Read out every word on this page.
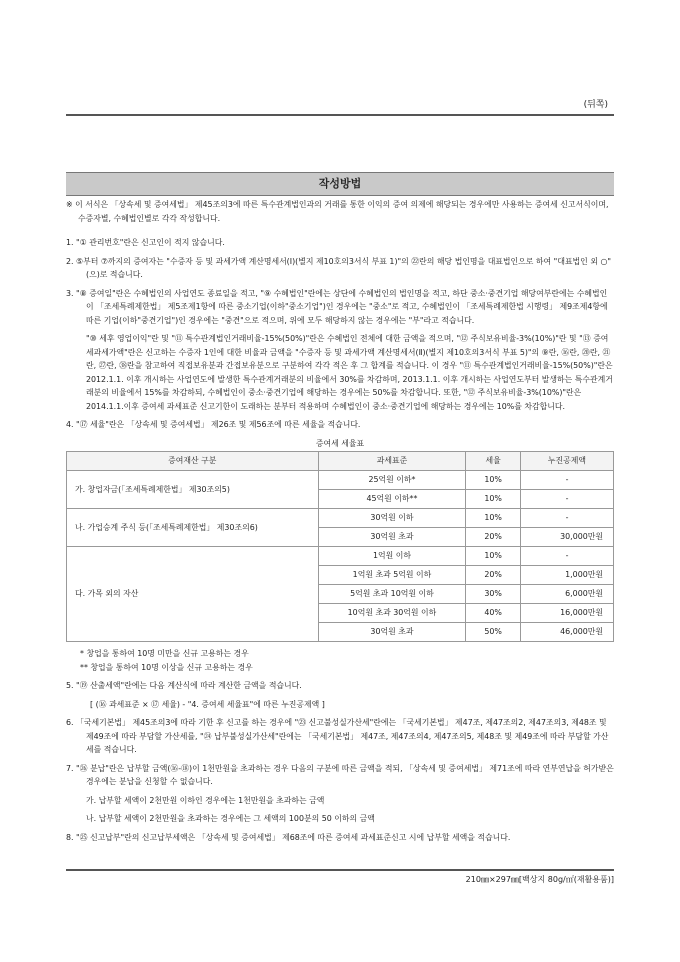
(뒤쪽)
작성방법

※ 이 서식은 「상속세 및 증여세법」 제45조의3에 따른 특수관계법인과의 거래를 통한 이익의 증여 의제에 해당되는 경우에만 사용하는 증여세 신고서식이며, 수증자별, 수혜법인별로 각각 작성합니다.

1. "① 관리번호"란은 신고인이 적지 않습니다.

2. ⑤부터 ⑦까지의 증여자는 "수증자 등 및 과세가액 계산명세서(Ⅰ)(별지 제10호의3서식 부표 1)"의 ㉒란의 해당 법인명을 대표법인으로 하여 "대표법인 외 ○"(으)로 적습니다.

3. "⑧ 증여일"란은 수혜법인의 사업연도 종료일을 적고, "⑨ 수혜법인"란에는 상단에 수혜법인의 법인명을 적고, 하단 중소·중견기업 해당여부란에는 수혜법인이 「조세특례제한법」 제5조제1항에 따른 중소기업(이하"중소기업")인 경우에는 "중소"로 적고, 수혜법인이 「조세특례제한법 시행령」 제9조제4항에 따른 기업(이하"중견기업")인 경우에는 "중견"으로 적으며, 위에 모두 해당하지 않는 경우에는 "부"라고 적습니다.

"⑩ 세후 영업이익"란 및 "⑪ 특수관계법인거래비율-15%(50%)"란은 수혜법인 전체에 대한 금액을 적으며, "⑫ 주식보유비율-3%(10%)"란 및 "⑬ 증여세과세가액"란은 신고하는 수증자 1인에 대한 비율과 금액을 "수증자 등 및 과세가액 계산명세서(Ⅱ)(별지 제10호의3서식 부표 5)"의 ⑨란, ⑯란, ⑳란, ㉑란, ㉗란, ㊳란을 참고하여 직접보유분과 간접보유분으로 구분하여 각각 적은 후 그 합계를 적습니다. 이 경우 "⑪ 특수관계법인거래비율-15%(50%)"란은 2012.1.1. 이후 개시하는 사업연도에 발생한 특수관계거래분의 비율에서 30%를 차감하며, 2013.1.1. 이후 개시하는 사업연도부터 발생하는 특수관계거래분의 비율에서 15%를 차감하되, 수혜법인이 중소·중견기업에 해당하는 경우에는 50%를 차감합니다. 또한, "⑫ 주식보유비율-3%(10%)"란은 2014.1.1.이후 증여세 과세표준 신고기한이 도래하는 분부터 적용하며 수혜법인이 중소·중견기업에 해당하는 경우에는 10%를 차감합니다.

4. "⑰ 세율"란은 「상속세 및 증여세법」 제26조 및 제56조에 따른 세율을 적습니다.

증여세 세율표

증여재산 구분	과세표준	세율	누진공제액
가. 창업자금(「조세특례제한법」 제30조의5)	25억원 이하*	10%	-
	45억원 이하**	10%	-
나. 가업승계 주식 등(「조세특례제한법」 제30조의6)	30억원 이하	10%	-
	30억원 초과	20%	30,000만원
다. 가목 외의 자산	1억원 이하	10%	-
	1억원 초과 5억원 이하	20%	1,000만원
	5억원 초과 10억원 이하	30%	6,000만원
	10억원 초과 30억원 이하	40%	16,000만원
	30억원 초과	50%	46,000만원

* 창업을 통하여 10명 미만을 신규 고용하는 경우

** 창업을 통하여 10명 이상을 신규 고용하는 경우

5. "⑲ 산출세액"란에는 다음 계산식에 따라 계산한 금액을 적습니다.

[ (⑯ 과세표준 × ⑰ 세율) - "4. 증여세 세율표"에 따른 누진공제액 ]

6. 「국세기본법」 제45조의3에 따라 기한 후 신고를 하는 경우에 "㉓ 신고불성실가산세"란에는 「국세기본법」 제47조, 제47조의2, 제47조의3, 제48조 및 제49조에 따라 부담할 가산세를, "㉔ 납부불성실가산세"란에는 「국세기본법」 제47조, 제47조의4, 제47조의5, 제48조 및 제49조에 따라 부담할 가산세를 적습니다.

7. "㉖ 분납"란은 납부할 금액(⑯-⑱)이 1천만원을 초과하는 경우 다음의 구분에 따른 금액을 적되, 「상속세 및 증여세법」 제71조에 따라 연부연납을 허가받은 경우에는 분납을 신청할 수 없습니다.

가. 납부할 세액이 2천만원 이하인 경우에는 1천만원을 초과하는 금액

나. 납부할 세액이 2천만원을 초과하는 경우에는 그 세액의 100분의 50 이하의 금액

8. "㉕ 신고납부"란의 신고납부세액은 「상속세 및 증여세법」 제68조에 따른 증여세 과세표준신고 시에 납부할 세액을 적습니다.

210㎜×297㎜[백상지 80g/㎡(재활용품)]
